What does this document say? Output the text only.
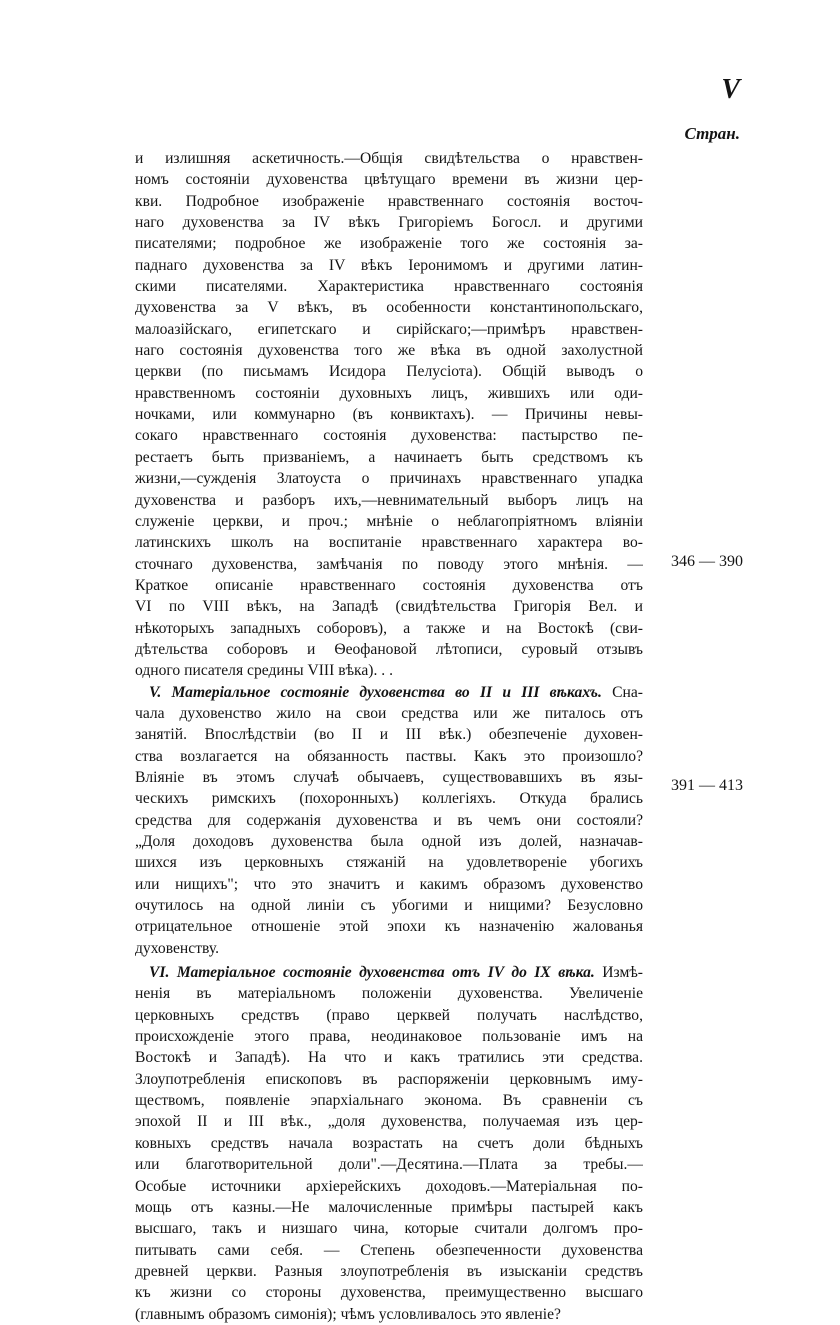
V
Стран.
и излишняя аскетичность.—Общія свидѣтельства о нравствен-
номъ состояніи духовенства цвѣтущаго времени въ жизни цер-
кви. Подробное изображеніе нравственнаго состоянія восточ-
наго духовенства за IV вѣкъ Григоріемъ Богосл. и другими
писателями; подробное же изображеніе того же состоянія за-
паднаго духовенства за IV вѣкъ Іеронимомъ и другими латин-
скими писателями. Характеристика нравственнаго состоянія
духовенства за V вѣкъ, въ особенности константинопольскаго,
малоазійскаго, египетскаго и сирійскаго;—примѣръ нравствен-
наго состоянія духовенства того же вѣка въ одной захолустной
церкви (по письмамъ Исидора Пелусіота). Общій выводъ о
нравственномъ состояніи духовныхъ лицъ, жившихъ или оди-
ночками, или коммунарно (въ конвиктахъ). — Причины невы-
сокаго нравственнаго состоянія духовенства: пастырство пе-
рестаетъ быть призваніемъ, а начинаетъ быть средствомъ къ
жизни,—сужденія Златоуста о причинахъ нравственнаго упадка
духовенства и разборъ ихъ,—невнимательный выборъ лицъ на
служеніе церкви, и проч.; мнѣніе о неблагопріятномъ вліяніи
латинскихъ школъ на воспитаніе нравственнаго характера во-
сточнаго духовенства, замѣчанія по поводу этого мнѣнія. —
Краткое описаніе нравственнаго состоянія духовенства отъ
VI по VIII вѣкъ, на Западѣ (свидѣтельства Григорія Вел. и
нѣкоторыхъ западныхъ соборовъ), а также и на Востокѣ (сви-
дѣтельства соборовъ и Ѳеофановой лѣтописи, суровый отзывъ
одного писателя средины VIII вѣка). . .
V. Матеріальное состояніе духовенства во II и III вѣкахъ. Сна-
чала духовенство жило на свои средства или же питалось отъ
занятій. Впослѣдствіи (во II и III вѣк.) обезпеченіе духовен-
ства возлагается на обязанность паствы. Какъ это произошло?
Вліяніе въ этомъ случаѣ обычаевъ, существовавшихъ въ язы-
ческихъ римскихъ (похоронныхъ) коллегіяхъ. Откуда брались
средства для содержанія духовенства и въ чемъ они состояли?
„Доля доходовъ духовенства была одной изъ долей, назначав-
шихся изъ церковныхъ стяжаній на удовлетвореніе убогихъ
или нищихъ"; что это значитъ и какимъ образомъ духовенство
очутилось на одной линіи съ убогими и нищими? Безусловно
отрицательное отношеніе этой эпохи къ назначенію жалованья
духовенству.
VI. Матеріальное состояніе духовенства отъ IV до IX вѣка. Измѣ-
ненія въ матеріальномъ положеніи духовенства. Увеличеніе
церковныхъ средствъ (право церквей получать наслѣдство,
происхожденіе этого права, неодинаковое пользованіе имъ на
Востокѣ и Западѣ). На что и какъ тратились эти средства.
Злоупотребленія епископовъ въ распоряженіи церковнымъ иму-
ществомъ, появленіе эпархіальнаго эконома. Въ сравненіи съ
эпохой II и III вѣк., „доля духовенства, получаемая изъ цер-
ковныхъ средствъ начала возрастать на счетъ доли бѣдныхъ
или благотворительной доли".—Десятина.—Плата за требы.—
Особые источники архіерейскихъ доходовъ.—Матеріальная по-
мощь отъ казны.—Не малочисленные примѣры пастырей какъ
высшаго, такъ и низшаго чина, которые считали долгомъ про-
питывать сами себя. — Степень обезпеченности духовенства
древней церкви. Разныя злоупотребленія въ изысканіи средствъ
къ жизни со стороны духовенства, преимущественно высшаго
(главнымъ образомъ симонія); чѣмъ условливалось это явленіе?
346 — 390
391 — 413
